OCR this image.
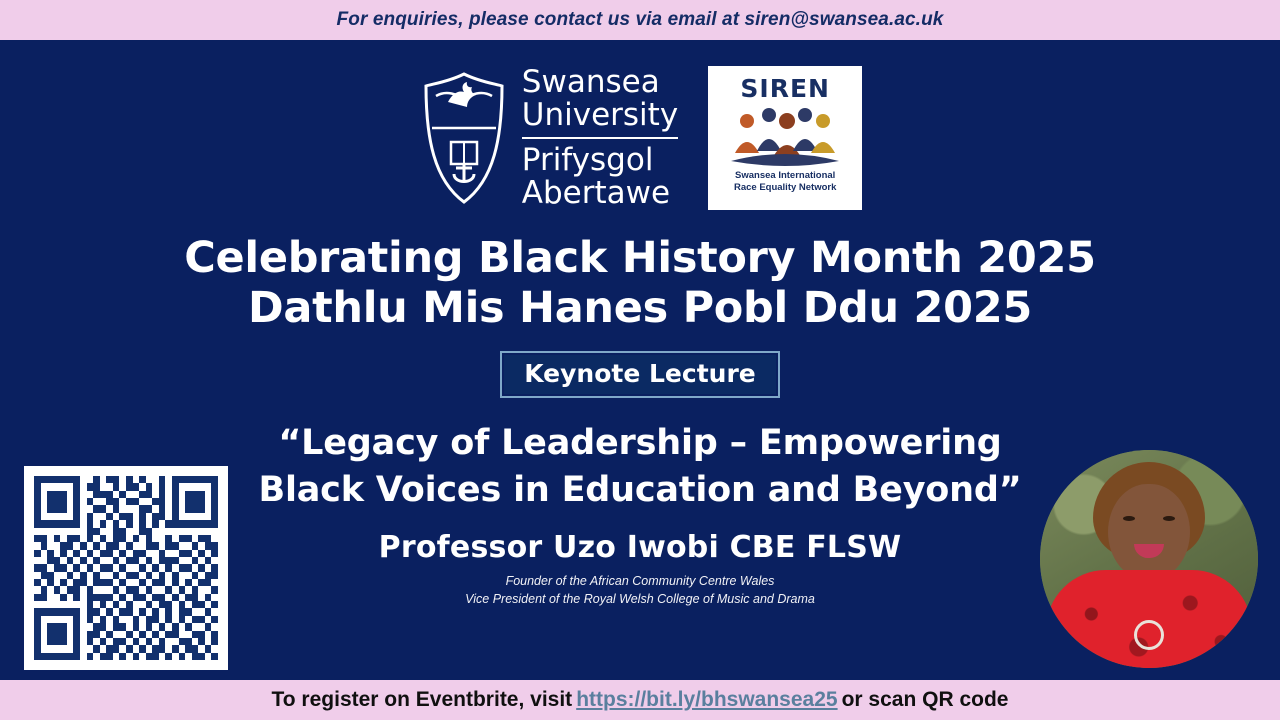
For enquiries, please contact us via email at siren@swansea.ac.uk
Swansea
University
Prifysgol
Abertawe
SIREN
Swansea International
Race Equality Network
Celebrating Black History Month 2025
Dathlu Mis Hanes Pobl Ddu 2025
Keynote Lecture
“Legacy of Leadership – Empowering Black Voices in Education and Beyond”
Professor Uzo Iwobi CBE FLSW
Founder of the African Community Centre Wales
Vice President of the Royal Welsh College of Music and Drama
To register on Eventbrite, visit https://bit.ly/bhswansea25 or scan QR code
